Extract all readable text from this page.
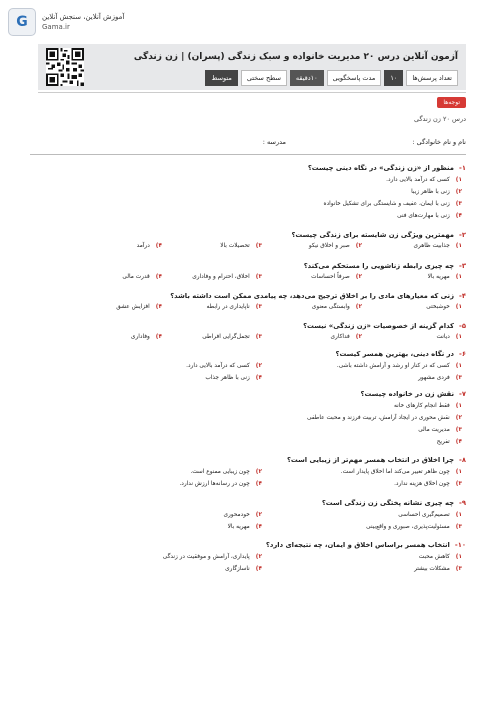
G	آموزش آنلاین، سنجش آنلاین
Gama.ir
آزمون آنلاین درس ۲۰ مدیریت خانواده و سبک زندگی (پسران) | زن زندگی
تعداد پرسش‌ها
۱۰
مدت پاسخگویی
۱۰دقیقه
سطح سختی
متوسط
توجه‌ها
درس ۲۰ زن زندگی
نام و نام خانوادگی :
مدرسه :
۱-منظور از «زن زندگی» در نگاه دینی چیست؟
۱)کسی که درآمد بالایی دارد.
۲)زنی با ظاهر زیبا
۳)زنی با ایمان، عفیف و شایستگی برای تشکیل خانواده
۴)زنی با مهارت‌های فنی
۲-مهمترین ویژگی زن شایسته برای زندگی چیست؟
۱)جذابیت ظاهری
۲)صبر و اخلاق نیکو
۳)تحصیلات بالا
۴)درآمد
۳-چه چیزی رابطه زناشویی را مستحکم می‌کند؟
۱)مهریه بالا
۲)صرفاً احساسات
۳)اخلاق، احترام و وفاداری
۴)قدرت مالی
۴-زنی که معیارهای مادی را بر اخلاق ترجیح می‌دهد، چه پیامدی ممکن است داشته باشد؟
۱)خوشبختی
۲)وابستگی معنوی
۳)ناپایداری در رابطه
۴)افزایش عشق
۵-کدام گزینه از خصوصیات «زن زندگی» نیست؟
۱)دیانت
۲)فداکاری
۳)تجمل‌گرایی افراطی
۴)وفاداری
۶-در نگاه دینی، بهترین همسر کیست؟
۱)کسی که در کنار او رشد و آرامش داشته باشی.
۲)کسی که درآمد بالایی دارد.
۳)فردی مشهور
۴)زنی با ظاهر جذاب
۷-نقش زن در خانواده چیست؟
۱)فقط انجام کارهای خانه
۲)نقش محوری در ایجاد آرامش، تربیت فرزند و محبت عاطفی
۳)مدیریت مالی
۴)تفریح
۸-چرا اخلاق در انتخاب همسر مهم‌تر از زیبایی است؟
۱)چون ظاهر تغییر می‌کند اما اخلاق پایدار است.
۲)چون زیبایی ممنوع است.
۳)چون اخلاق هزینه ندارد.
۴)چون در رسانه‌ها ارزش ندارد.
۹-چه چیزی نشانه پختگی زن زندگی است؟
۱)تصمیم‌گیری احساسی
۲)خودمحوری
۳)مسئولیت‌پذیری، صبوری و واقع‌بینی
۴)مهریه بالا
۱۰-انتخاب همسر براساس اخلاق و ایمان، چه نتیجه‌ای دارد؟
۱)کاهش محبت
۲)پایداری، آرامش و موفقیت در زندگی
۳)مشکلات بیشتر
۴)ناسازگاری
